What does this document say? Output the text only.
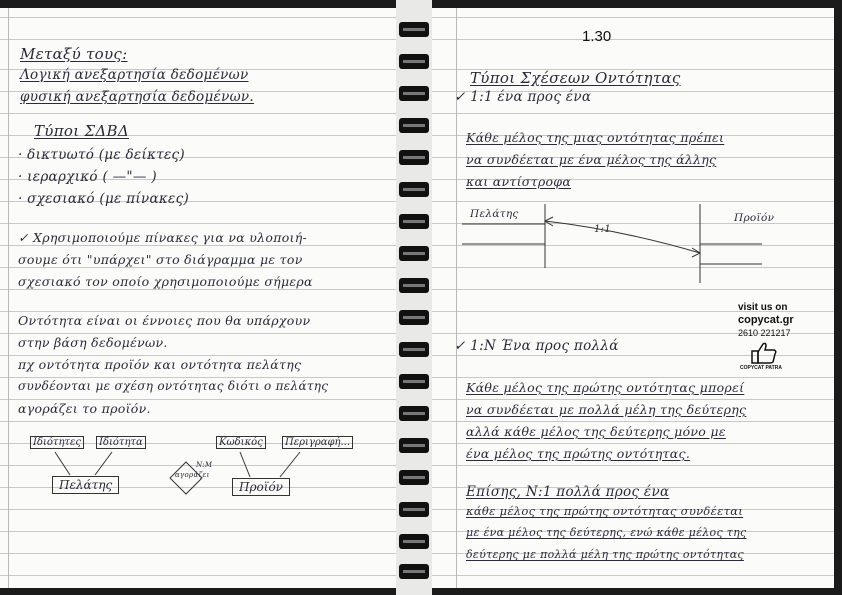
Μεταξύ τους:
Λογική ανεξαρτησία δεδομένων
φυσική ανεξαρτησία δεδομένων.
Τύποι ΣΔΒΔ
· δικτυωτό (με δείκτες)
· ιεραρχικό ( —"— )
· σχεσιακό (με πίνακες)
✓ Χρησιμοποιούμε πίνακες για να υλοποιή-
σουμε ότι "υπάρχει" στο διάγραμμα με τον
σχεσιακό τον οποίο χρησιμοποιούμε σήμερα
Οντότητα είναι οι έννοιες που θα υπάρχουν
στην βάση δεδομένων.
πχ οντότητα προϊόν και οντότητα πελάτης
συνδέονται με σχέση οντότητας διότι ο πελάτης
αγοράζει το προϊόν.
Ιδιότητες	Ιδιότητα	Κωδικός	Περιγραφή...
Πελάτης	Προϊόν
αγοράζει
N:M
1.30
Τύποι Σχέσεων Οντότητας
✓ 1:1 ένα προς ένα
Κάθε μέλος της μιας οντότητας πρέπει
να συνδέεται με ένα μέλος της άλλης
και αντίστροφα
Πελάτης	Προϊόν
1:1
✓ 1:Ν Ένα προς πολλά
Κάθε μέλος της πρώτης οντότητας μπορεί
να συνδέεται με πολλά μέλη της δεύτερης
αλλά κάθε μέλος της δεύτερης μόνο με
ένα μέλος της πρώτης οντότητας.
Επίσης, Ν:1 πολλά προς ένα
κάθε μέλος της πρώτης οντότητας συνδέεται
με ένα μέλος της δεύτερης, ενώ κάθε μέλος της
δεύτερης με πολλά μέλη της πρώτης οντότητας
visit us on
copycat.gr
2610 221217
COPYCAT PATRA
